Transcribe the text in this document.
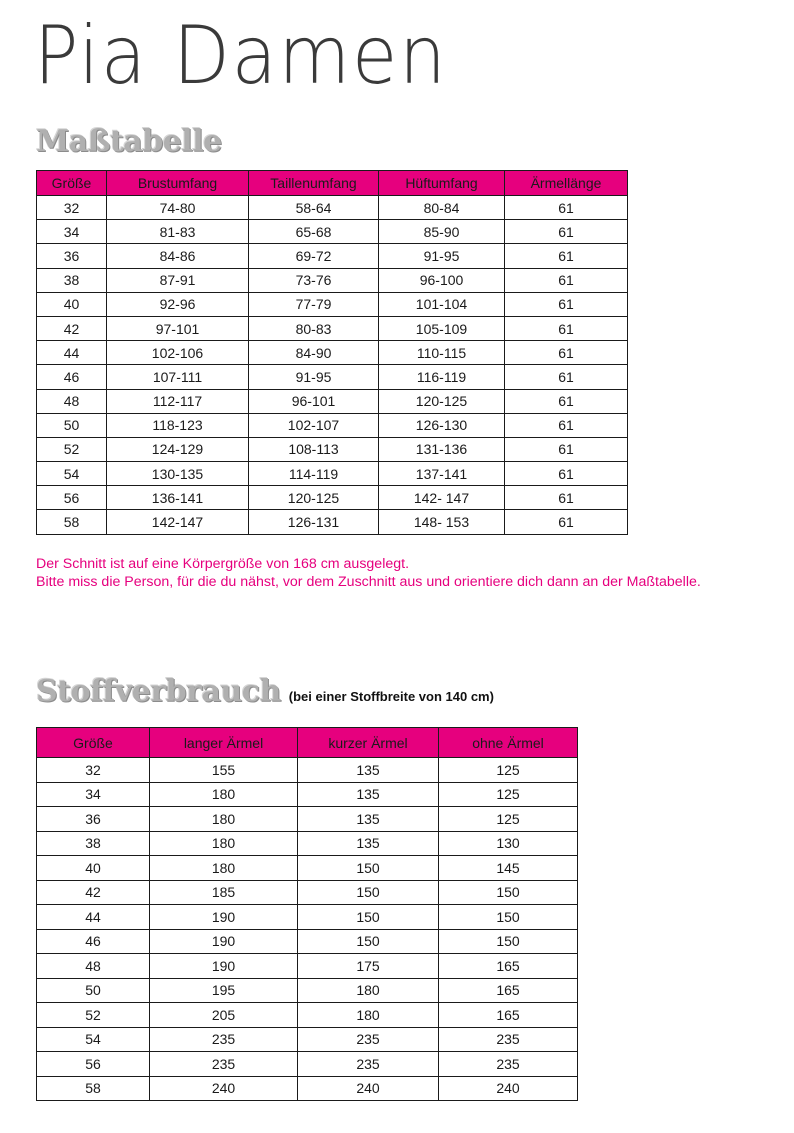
Pia Damen
Maßtabelle
Größe	Brustumfang	Taillenumfang	Hüftumfang	Ärmellänge
32	74-80	58-64	80-84	61
34	81-83	65-68	85-90	61
36	84-86	69-72	91-95	61
38	87-91	73-76	96-100	61
40	92-96	77-79	101-104	61
42	97-101	80-83	105-109	61
44	102-106	84-90	110-115	61
46	107-111	91-95	116-119	61
48	112-117	96-101	120-125	61
50	118-123	102-107	126-130	61
52	124-129	108-113	131-136	61
54	130-135	114-119	137-141	61
56	136-141	120-125	142- 147	61
58	142-147	126-131	148- 153	61
Der Schnitt ist auf eine Körpergröße von 168 cm ausgelegt.
Bitte miss die Person, für die du nähst, vor dem Zuschnitt aus und orientiere dich dann an der Maßtabelle.
Stoffverbrauch (bei einer Stoffbreite von 140 cm)
Größe	langer Ärmel	kurzer Ärmel	ohne Ärmel
32	155	135	125
34	180	135	125
36	180	135	125
38	180	135	130
40	180	150	145
42	185	150	150
44	190	150	150
46	190	150	150
48	190	175	165
50	195	180	165
52	205	180	165
54	235	235	235
56	235	235	235
58	240	240	240
